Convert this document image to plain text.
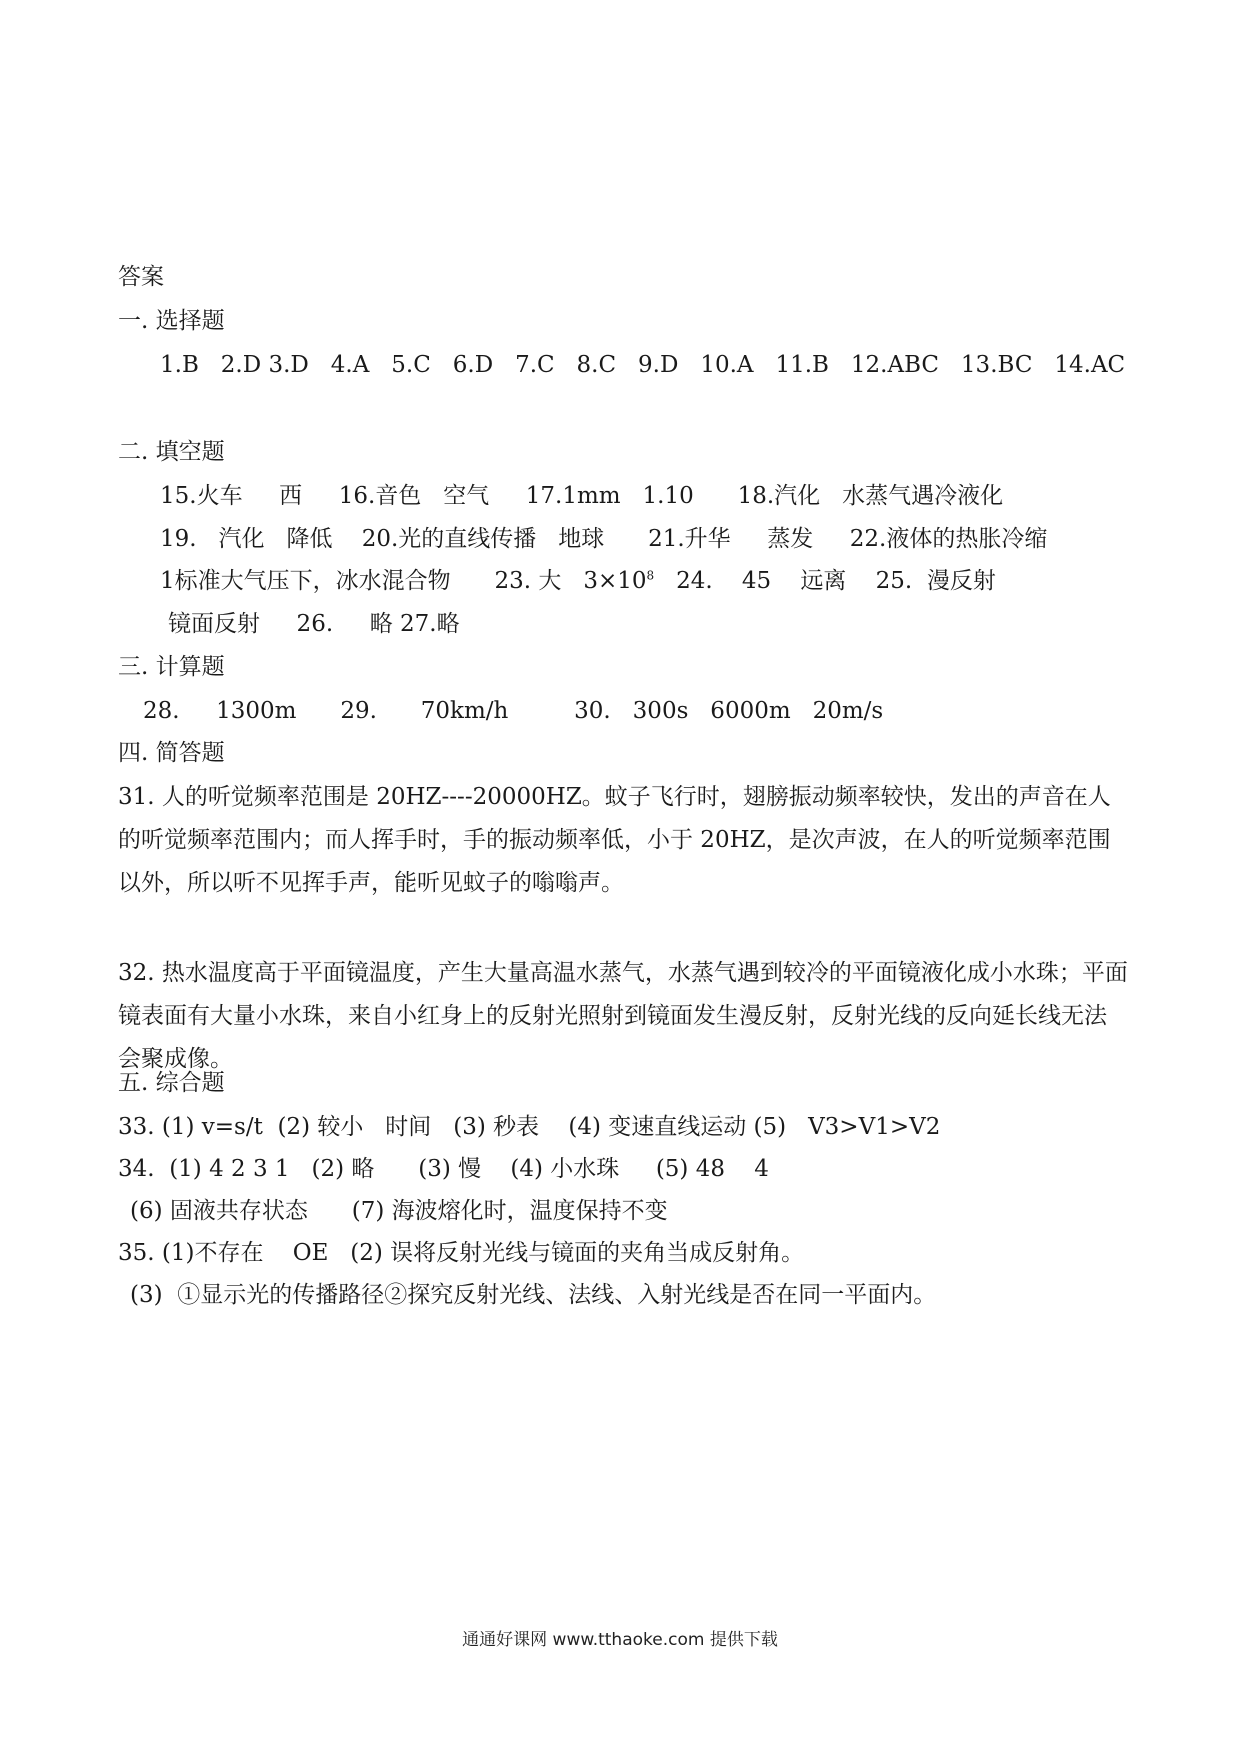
答案
一. 选择题
1.B   2.D 3.D   4.A   5.C   6.D   7.C   8.C   9.D   10.A   11.B   12.ABC   13.BC   14.AC
二. 填空题
15.火车     西     16.音色   空气     17.1mm   1.10      18.汽化   水蒸气遇冷液化
19.   汽化   降低    20.光的直线传播   地球      21.升华     蒸发     22.液体的热胀冷缩
1标准大气压下，冰水混合物      23. 大   $3\times 10^8$   24.    45    远离    25.  漫反射
镜面反射     26.     略 27.略
三. 计算题
28.     1300m      29.      70km/h         30.   300s   6000m   20m/s
四. 简答题
31. 人的听觉频率范围是 20HZ----20000HZ。蚊子飞行时，翅膀振动频率较快，发出的声音在人的听觉频率范围内；而人挥手时，手的振动频率低，小于 20HZ，是次声波，在人的听觉频率范围以外，所以听不见挥手声，能听见蚊子的嗡嗡声。
32. 热水温度高于平面镜温度，产生大量高温水蒸气，水蒸气遇到较冷的平面镜液化成小水珠；平面镜表面有大量小水珠，来自小红身上的反射光照射到镜面发生漫反射，反射光线的反向延长线无法会聚成像。
五. 综合题
33. (1) v=s/t  (2) 较小   时间   (3) 秒表    (4) 变速直线运动 (5)   V3>V1>V2
34.  (1) 4 2 3 1   (2) 略      (3) 慢    (4) 小水珠     (5) 48    4
(6) 固液共存状态      (7) 海波熔化时，温度保持不变
35. (1)不存在    OE   (2) 误将反射光线与镜面的夹角当成反射角。
(3)  ①显示光的传播路径②探究反射光线、法线、入射光线是否在同一平面内。
通通好课网 www.tthaoke.com 提供下载
